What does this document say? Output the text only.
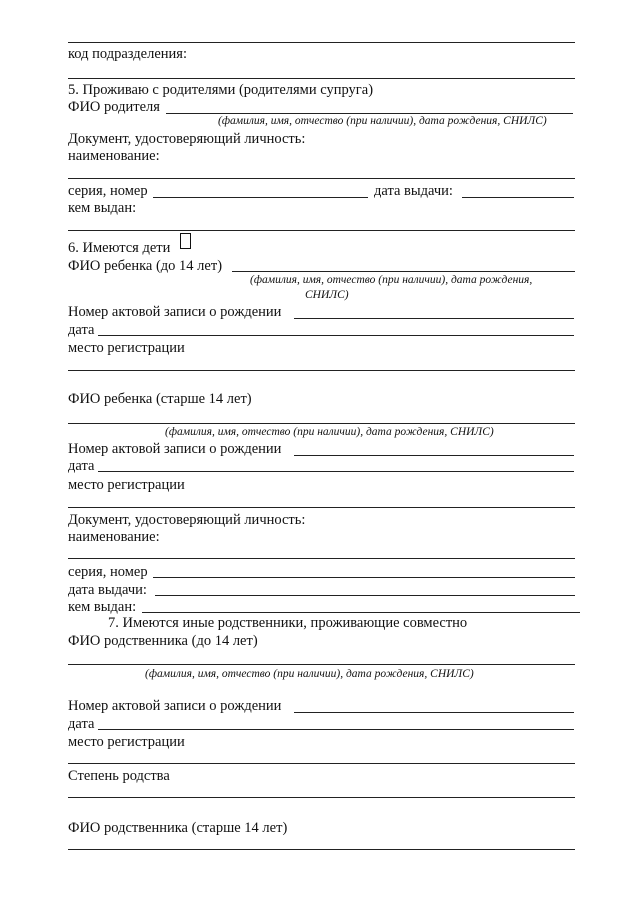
код подразделения:
5. Проживаю с родителями (родителями супруга)
ФИО родителя
(фамилия, имя, отчество (при наличии), дата рождения, СНИЛС)
Документ, удостоверяющий личность:
наименование:
серия, номер	дата выдачи:
кем выдан:
6. Имеются дети
ФИО ребенка (до 14 лет)
(фамилия, имя, отчество (при наличии), дата рождения,
СНИЛС)
Номер актовой записи о рождении
дата
место регистрации
ФИО ребенка (старше 14 лет)
(фамилия, имя, отчество (при наличии), дата рождения, СНИЛС)
Номер актовой записи о рождении
дата
место регистрации
Документ, удостоверяющий личность:
наименование:
серия, номер
дата выдачи:
кем выдан:
7. Имеются иные родственники, проживающие совместно
ФИО родственника (до 14 лет)
(фамилия, имя, отчество (при наличии), дата рождения, СНИЛС)
Номер актовой записи о рождении
дата
место регистрации
Степень родства
ФИО родственника (старше 14 лет)
